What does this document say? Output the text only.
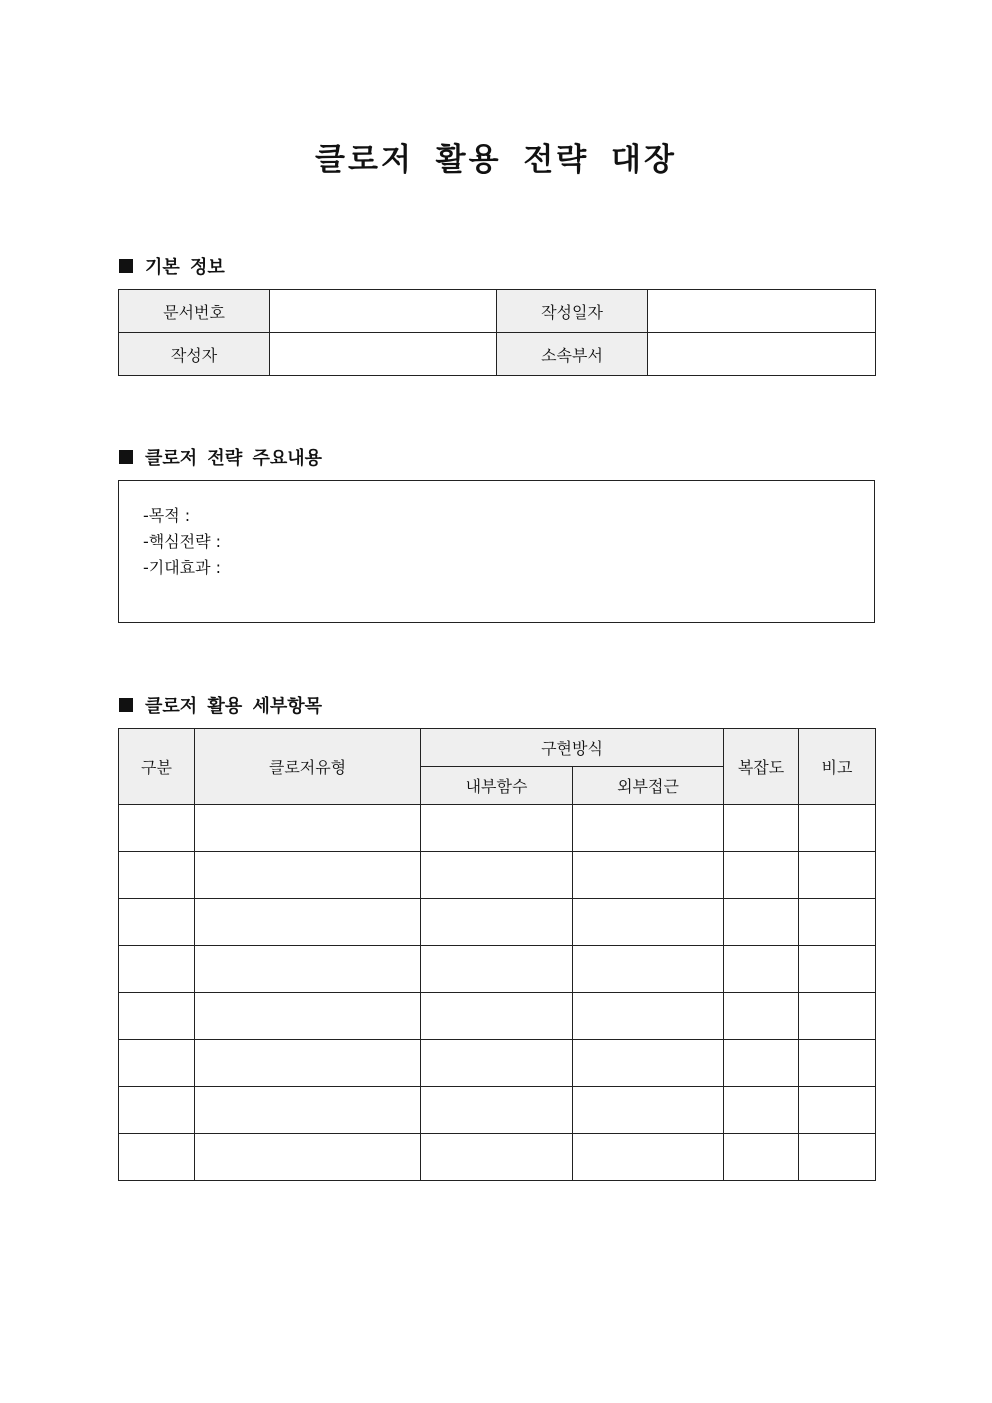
클로저 활용 전략 대장
기본 정보
문서번호		작성일자	
작성자		소속부서	
클로저 전략 주요내용
-목적 :
-핵심전략 :
-기대효과 :
클로저 활용 세부항목
구분	클로저유형	구현방식		복잡도	비고
		내부함수	외부접근		
